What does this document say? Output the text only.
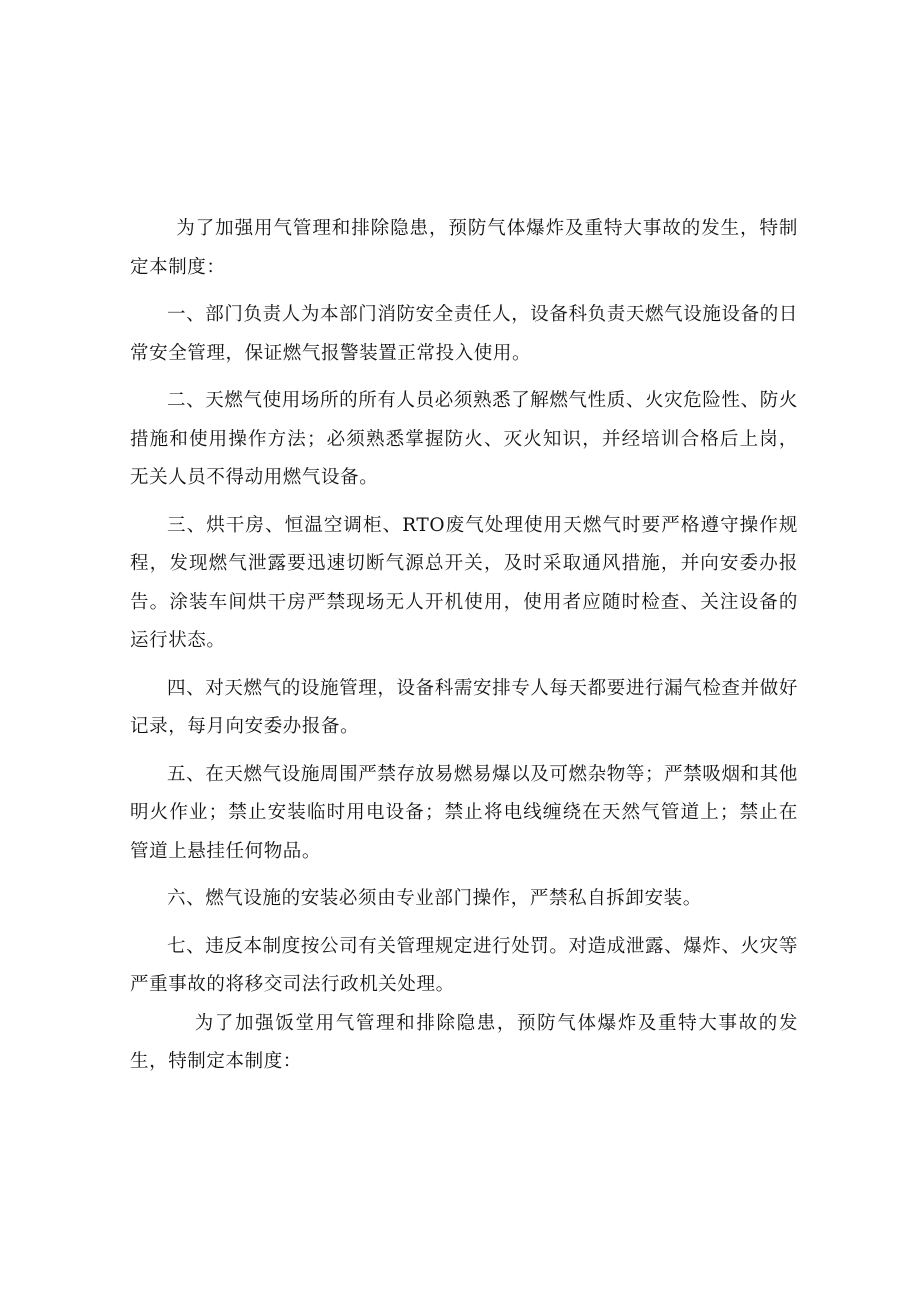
为了加强用气管理和排除隐患，预防气体爆炸及重特大事故的发生，特制定本制度：

一、部门负责人为本部门消防安全责任人，设备科负责天燃气设施设备的日常安全管理，保证燃气报警装置正常投入使用。

二、天燃气使用场所的所有人员必须熟悉了解燃气性质、火灾危险性、防火措施和使用操作方法；必须熟悉掌握防火、灭火知识，并经培训合格后上岗，无关人员不得动用燃气设备。

三、烘干房、恒温空调柜、RTO废气处理使用天燃气时要严格遵守操作规程，发现燃气泄露要迅速切断气源总开关，及时采取通风措施，并向安委办报告。涂装车间烘干房严禁现场无人开机使用，使用者应随时检查、关注设备的运行状态。

四、对天燃气的设施管理，设备科需安排专人每天都要进行漏气检查并做好记录，每月向安委办报备。

五、在天燃气设施周围严禁存放易燃易爆以及可燃杂物等；严禁吸烟和其他明火作业；禁止安装临时用电设备；禁止将电线缠绕在天然气管道上；禁止在管道上悬挂任何物品。

六、燃气设施的安装必须由专业部门操作，严禁私自拆卸安装。

七、违反本制度按公司有关管理规定进行处罚。对造成泄露、爆炸、火灾等严重事故的将移交司法行政机关处理。

为了加强饭堂用气管理和排除隐患，预防气体爆炸及重特大事故的发生，特制定本制度：
